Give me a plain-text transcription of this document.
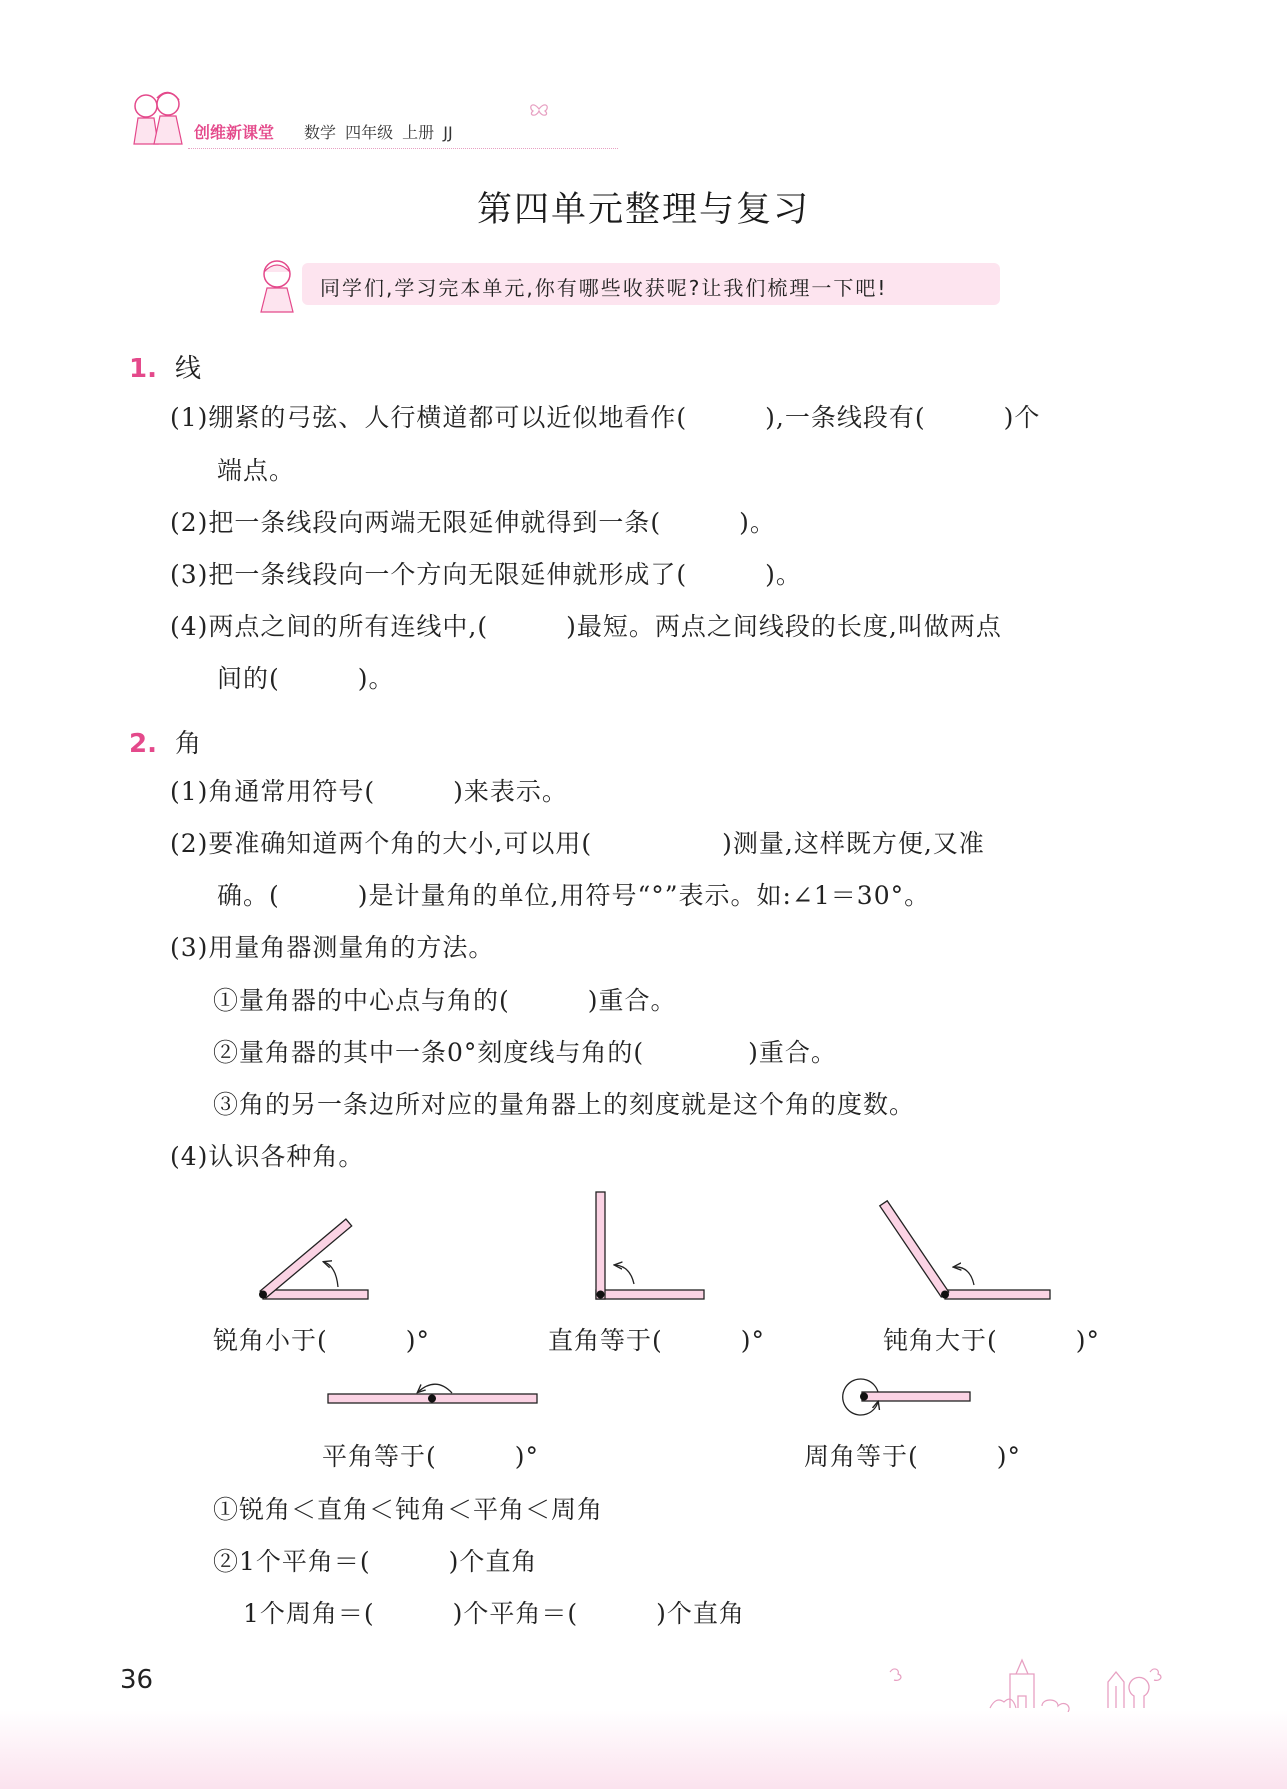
创维新课堂 数学 四年级 上册 JJ
第四单元整理与复习
同学们,学习完本单元,你有哪些收获呢?让我们梳理一下吧!
1. 线
(1)绷紧的弓弦、人行横道都可以近似地看作(　　　),一条线段有(　　　)个
端点。
(2)把一条线段向两端无限延伸就得到一条(　　　)。
(3)把一条线段向一个方向无限延伸就形成了(　　　)。
(4)两点之间的所有连线中,(　　　)最短。两点之间线段的长度,叫做两点
间的(　　　)。
2. 角
(1)角通常用符号(　　　)来表示。
(2)要准确知道两个角的大小,可以用(　　　　　)测量,这样既方便,又准
确。(　　　)是计量角的单位,用符号“°”表示。如:∠1＝30°。
(3)用量角器测量角的方法。
①量角器的中心点与角的(　　　)重合。
②量角器的其中一条0°刻度线与角的(　　　　)重合。
③角的另一条边所对应的量角器上的刻度就是这个角的度数。
(4)认识各种角。
锐角小于(　　　)°	直角等于(　　　)°	钝角大于(　　　)°
平角等于(　　　)°	周角等于(　　　)°
①锐角＜直角＜钝角＜平角＜周角
②1个平角＝(　　　)个直角
1个周角＝(　　　)个平角＝(　　　)个直角
36
